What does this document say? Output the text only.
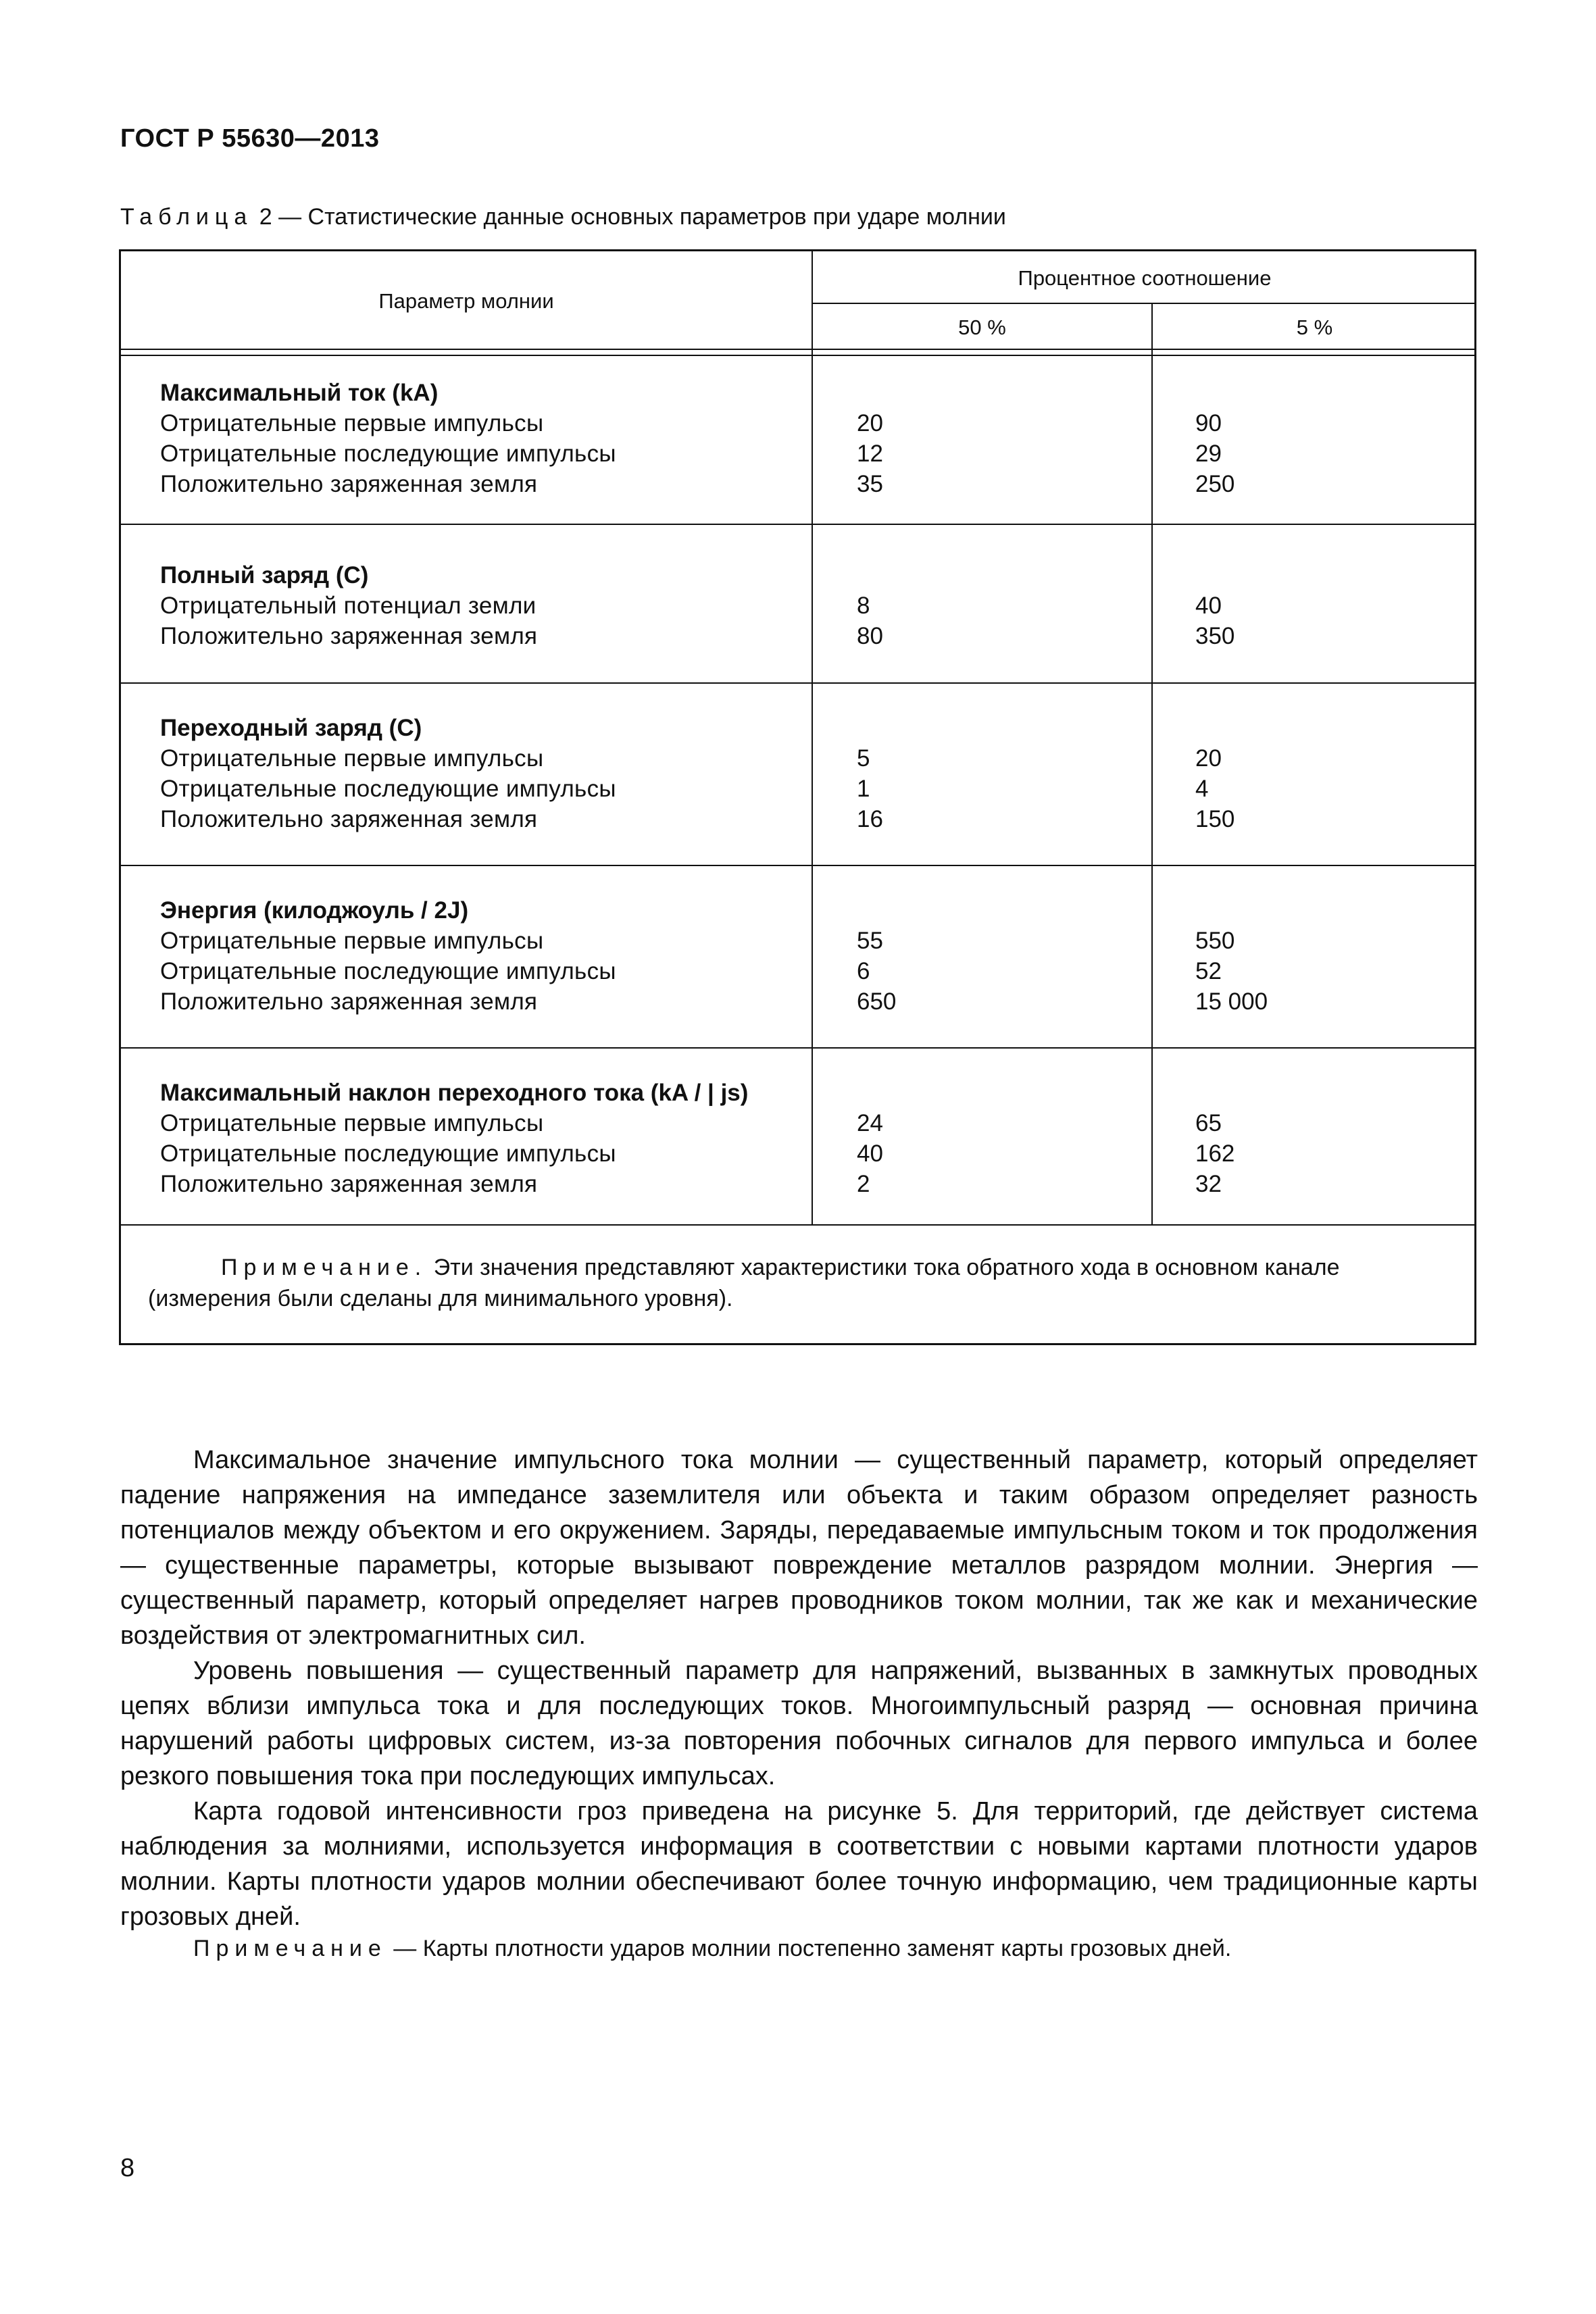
ГОСТ Р 55630—2013
Таблица 2 — Статистические данные основных параметров при ударе молнии
Параметр молнии
Процентное соотношение
50 %	5 %
Максимальный ток (kA)
Отрицательные первые импульсы	20	90
Отрицательные последующие импульсы	12	29
Положительно заряженная земля	35	250
Полный заряд (C)
Отрицательный потенциал земли	8	40
Положительно заряженная земля	80	350
Переходный заряд (C)
Отрицательные первые импульсы	5	20
Отрицательные последующие импульсы	1	4
Положительно заряженная земля	16	150
Энергия (килоджоуль / 2J)
Отрицательные первые импульсы	55	550
Отрицательные последующие импульсы	6	52
Положительно заряженная земля	650	15 000
Максимальный наклон переходного тока (kA / | js)
Отрицательные первые импульсы	24	65
Отрицательные последующие импульсы	40	162
Положительно заряженная земля	2	32
Примечание. Эти значения представляют характеристики тока обратного хода в основном канале (измерения были сделаны для минимального уровня).

Максимальное значение импульсного тока молнии — существенный параметр, который определяет падение напряжения на импедансе заземлителя или объекта и таким образом определяет разность потенциалов между объектом и его окружением. Заряды, передаваемые импульсным током и ток продолжения — существенные параметры, которые вызывают повреждение металлов разрядом молнии. Энергия — существенный параметр, который определяет нагрев проводников током молнии, так же как и механические воздействия от электромагнитных сил.

Уровень повышения — существенный параметр для напряжений, вызванных в замкнутых проводных цепях вблизи импульса тока и для последующих токов. Многоимпульсный разряд — основная причина нарушений работы цифровых систем, из-за повторения побочных сигналов для первого импульса и более резкого повышения тока при последующих импульсах.

Карта годовой интенсивности гроз приведена на рисунке 5. Для территорий, где действует система наблюдения за молниями, используется информация в соответствии с новыми картами плотности ударов молнии. Карты плотности ударов молнии обеспечивают более точную информацию, чем традиционные карты грозовых дней.

Примечание — Карты плотности ударов молнии постепенно заменят карты грозовых дней.
8
